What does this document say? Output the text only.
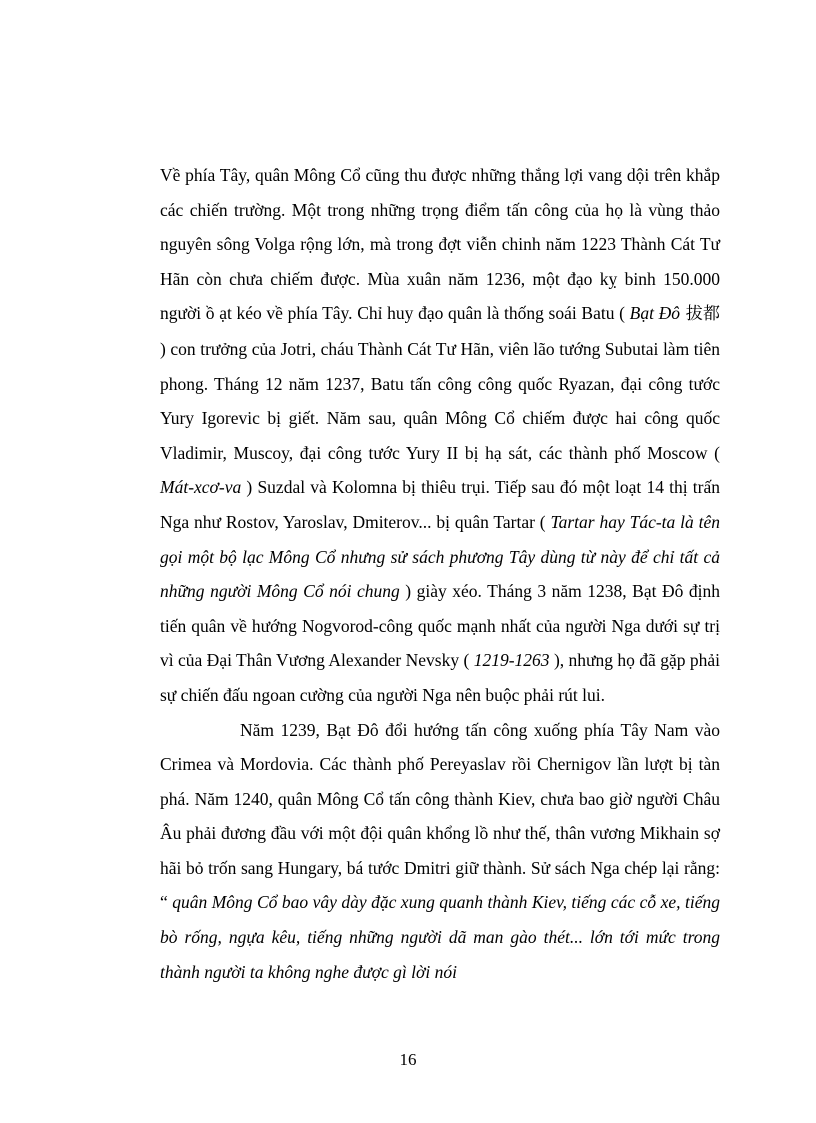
Về phía Tây, quân Mông Cổ cũng thu được những thắng lợi vang dội trên khắp các chiến trường. Một trong những trọng điểm tấn công của họ là vùng thảo nguyên sông Volga rộng lớn, mà trong đợt viễn chinh năm 1223 Thành Cát Tư Hãn còn chưa chiếm được. Mùa xuân năm 1236, một đạo kỵ binh 150.000 người ồ ạt kéo về phía Tây. Chỉ huy đạo quân là thống soái Batu ( Bạt Đô 拔都 ) con trưởng của Jotri, cháu Thành Cát Tư Hãn, viên lão tướng Subutai làm tiên phong. Tháng 12 năm 1237, Batu tấn công công quốc Ryazan, đại công tước Yury Igorevic bị giết. Năm sau, quân Mông Cổ chiếm được hai công quốc Vladimir, Muscoy, đại công tước Yury II bị hạ sát, các thành phố Moscow ( Mát-xcơ-va ) Suzdal và Kolomna bị thiêu trụi. Tiếp sau đó một loạt 14 thị trấn Nga như Rostov, Yaroslav, Dmiterov... bị quân Tartar ( Tartar hay Tác-ta là tên gọi một bộ lạc Mông Cổ nhưng sử sách phương Tây dùng từ này để chỉ tất cả những người Mông Cổ nói chung ) giày xéo. Tháng 3 năm 1238, Bạt Đô định tiến quân về hướng Nogvorod-công quốc mạnh nhất của người Nga dưới sự trị vì của Đại Thân Vương Alexander Nevsky ( 1219-1263 ), nhưng họ đã gặp phải sự chiến đấu ngoan cường của người Nga nên buộc phải rút lui.

Năm 1239, Bạt Đô đổi hướng tấn công xuống phía Tây Nam vào Crimea và Mordovia. Các thành phố Pereyaslav rồi Chernigov lần lượt bị tàn phá. Năm 1240, quân Mông Cổ tấn công thành Kiev, chưa bao giờ người Châu Âu phải đương đầu với một đội quân khổng lồ như thế, thân vương Mikhain sợ hãi bỏ trốn sang Hungary, bá tước Dmitri giữ thành. Sử sách Nga chép lại rằng: “ quân Mông Cổ bao vây dày đặc xung quanh thành Kiev, tiếng các cỗ xe, tiếng bò rống, ngựa kêu, tiếng những người dã man gào thét... lớn tới mức trong thành người ta không nghe được gì lời nói

16
